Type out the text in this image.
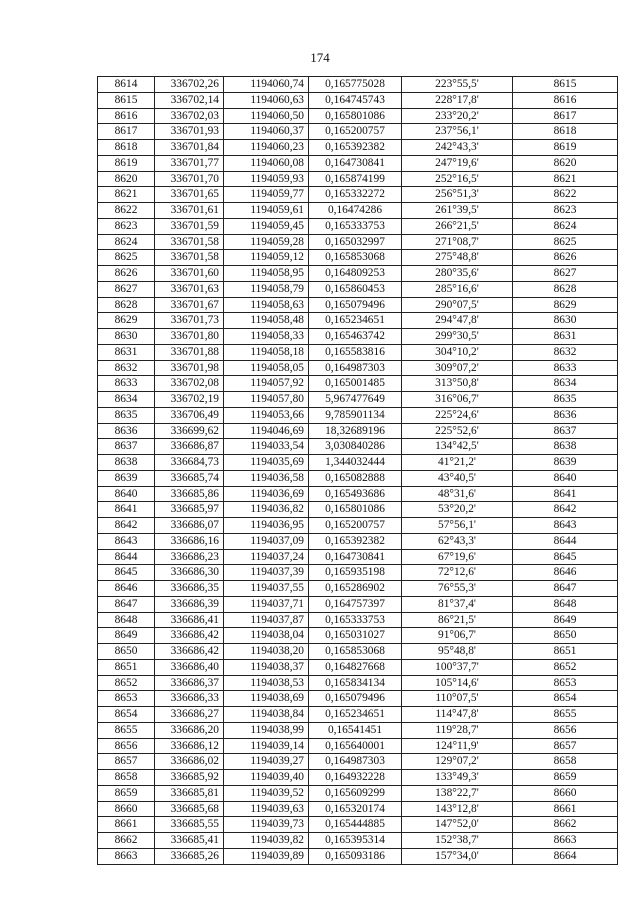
174
8614	336702,26	1194060,74	0,165775028	223°55,5'	8615
8615	336702,14	1194060,63	0,164745743	228°17,8'	8616
8616	336702,03	1194060,50	0,165801086	233°20,2'	8617
8617	336701,93	1194060,37	0,165200757	237°56,1'	8618
8618	336701,84	1194060,23	0,165392382	242°43,3'	8619
8619	336701,77	1194060,08	0,164730841	247°19,6'	8620
8620	336701,70	1194059,93	0,165874199	252°16,5'	8621
8621	336701,65	1194059,77	0,165332272	256°51,3'	8622
8622	336701,61	1194059,61	0,16474286	261°39,5'	8623
8623	336701,59	1194059,45	0,165333753	266°21,5'	8624
8624	336701,58	1194059,28	0,165032997	271°08,7'	8625
8625	336701,58	1194059,12	0,165853068	275°48,8'	8626
8626	336701,60	1194058,95	0,164809253	280°35,6'	8627
8627	336701,63	1194058,79	0,165860453	285°16,6'	8628
8628	336701,67	1194058,63	0,165079496	290°07,5'	8629
8629	336701,73	1194058,48	0,165234651	294°47,8'	8630
8630	336701,80	1194058,33	0,165463742	299°30,5'	8631
8631	336701,88	1194058,18	0,165583816	304°10,2'	8632
8632	336701,98	1194058,05	0,164987303	309°07,2'	8633
8633	336702,08	1194057,92	0,165001485	313°50,8'	8634
8634	336702,19	1194057,80	5,967477649	316°06,7'	8635
8635	336706,49	1194053,66	9,785901134	225°24,6'	8636
8636	336699,62	1194046,69	18,32689196	225°52,6'	8637
8637	336686,87	1194033,54	3,030840286	134°42,5'	8638
8638	336684,73	1194035,69	1,344032444	41°21,2'	8639
8639	336685,74	1194036,58	0,165082888	43°40,5'	8640
8640	336685,86	1194036,69	0,165493686	48°31,6'	8641
8641	336685,97	1194036,82	0,165801086	53°20,2'	8642
8642	336686,07	1194036,95	0,165200757	57°56,1'	8643
8643	336686,16	1194037,09	0,165392382	62°43,3'	8644
8644	336686,23	1194037,24	0,164730841	67°19,6'	8645
8645	336686,30	1194037,39	0,165935198	72°12,6'	8646
8646	336686,35	1194037,55	0,165286902	76°55,3'	8647
8647	336686,39	1194037,71	0,164757397	81°37,4'	8648
8648	336686,41	1194037,87	0,165333753	86°21,5'	8649
8649	336686,42	1194038,04	0,165031027	91°06,7'	8650
8650	336686,42	1194038,20	0,165853068	95°48,8'	8651
8651	336686,40	1194038,37	0,164827668	100°37,7'	8652
8652	336686,37	1194038,53	0,165834134	105°14,6'	8653
8653	336686,33	1194038,69	0,165079496	110°07,5'	8654
8654	336686,27	1194038,84	0,165234651	114°47,8'	8655
8655	336686,20	1194038,99	0,16541451	119°28,7'	8656
8656	336686,12	1194039,14	0,165640001	124°11,9'	8657
8657	336686,02	1194039,27	0,164987303	129°07,2'	8658
8658	336685,92	1194039,40	0,164932228	133°49,3'	8659
8659	336685,81	1194039,52	0,165609299	138°22,7'	8660
8660	336685,68	1194039,63	0,165320174	143°12,8'	8661
8661	336685,55	1194039,73	0,165444885	147°52,0'	8662
8662	336685,41	1194039,82	0,165395314	152°38,7'	8663
8663	336685,26	1194039,89	0,165093186	157°34,0'	8664
